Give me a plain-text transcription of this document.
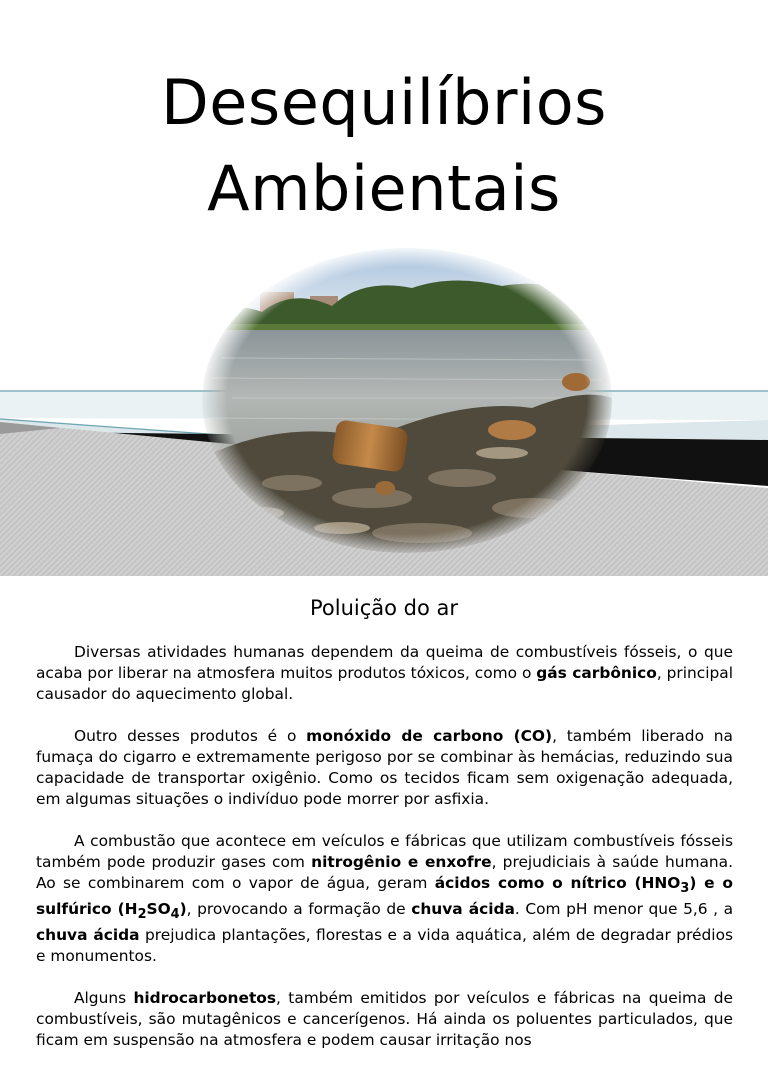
Desequilíbrios
Ambientais
Poluição do ar

Diversas atividades humanas dependem da queima de combustíveis fósseis, o que acaba por liberar na atmosfera muitos produtos tóxicos, como o gás carbônico, principal causador do aquecimento global.

Outro desses produtos é o monóxido de carbono (CO), também liberado na fumaça do cigarro e extremamente perigoso por se combinar às hemácias, reduzindo sua capacidade de transportar oxigênio. Como os tecidos ficam sem oxigenação adequada, em algumas situações o indivíduo pode morrer por asfixia.

A combustão que acontece em veículos e fábricas que utilizam combustíveis fósseis também pode produzir gases com nitrogênio e enxofre, prejudiciais à saúde humana. Ao se combinarem com o vapor de água, geram ácidos como o nítrico $(HNO_3)$ e o sulfúrico $(H_2SO_4)$, provocando a formação de chuva ácida. Com pH menor que 5,6 , a chuva ácida prejudica plantações, florestas e a vida aquática, além de degradar prédios e monumentos.

Alguns hidrocarbonetos, também emitidos por veículos e fábricas na queima de combustíveis, são mutagênicos e cancerígenos. Há ainda os poluentes particulados, que ficam em suspensão na atmosfera e podem causar irritação nos
